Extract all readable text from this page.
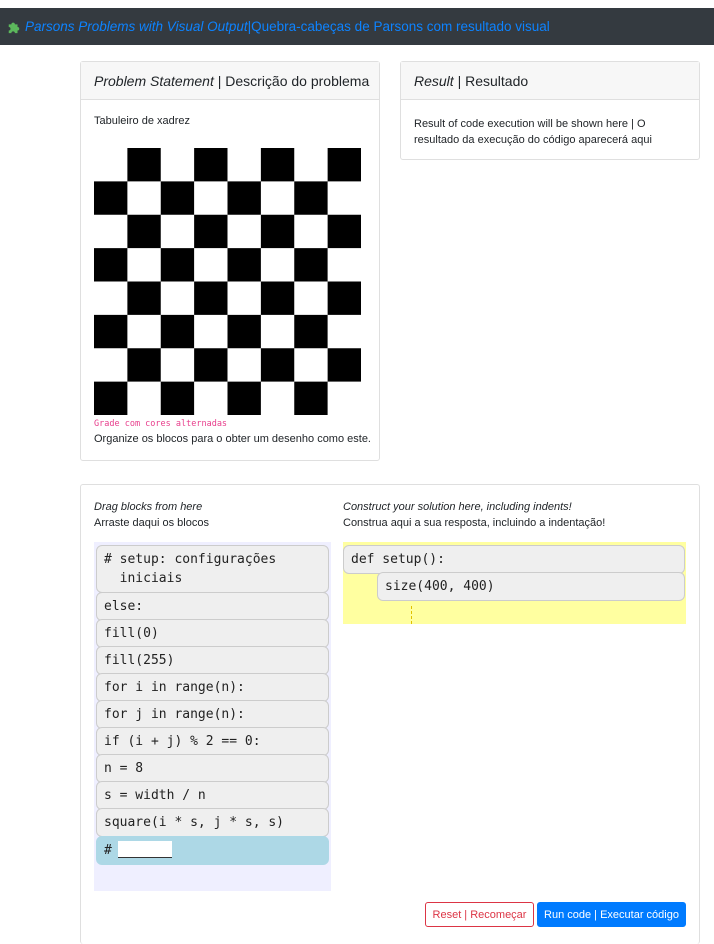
Parsons Problems with Visual Output | Quebra-cabeças de Parsons com resultado visual
Problem Statement | Descrição do problema
Tabuleiro de xadrez
Grade com cores alternadas
Organize os blocos para o obter um desenho como este.
Result | Resultado
Result of code execution will be shown here | O resultado da execução do código aparecerá aqui
Drag blocks from here
Arraste daqui os blocos
Construct your solution here, including indents!
Construa aqui a sua resposta, incluindo a indentação!
# setup: configurações
iniciais
else:
fill(0)
fill(255)
for i in range(n):
for j in range(n):
if (i + j) % 2 == 0:
n = 8
s = width / n
square(i * s, j * s, s)
#
def setup():
size(400, 400)
Reset | Recomeçar	Run code | Executar código
